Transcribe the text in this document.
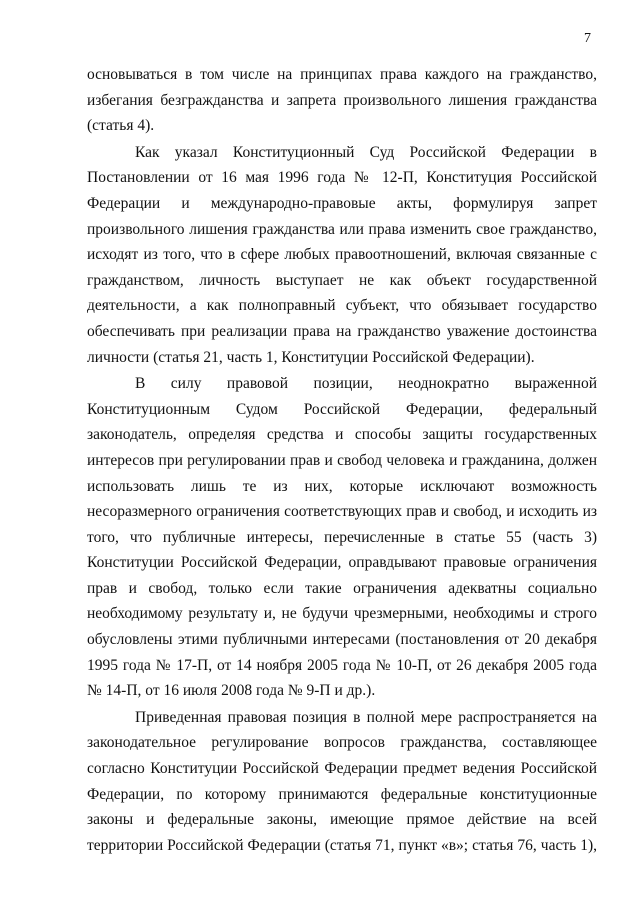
7

основываться в том числе на принципах права каждого на гражданство,
избегания безгражданства и запрета произвольного лишения гражданства
(статья 4).

Как указал Конституционный Суд Российской Федерации в
Постановлении от 16 мая 1996 года № 12-П, Конституция Российской
Федерации и международно-правовые акты, формулируя запрет
произвольного лишения гражданства или права изменить свое гражданство,
исходят из того, что в сфере любых правоотношений, включая связанные с
гражданством, личность выступает не как объект государственной
деятельности, а как полноправный субъект, что обязывает государство
обеспечивать при реализации права на гражданство уважение достоинства
личности (статья 21, часть 1, Конституции Российской Федерации).

В силу правовой позиции, неоднократно выраженной
Конституционным Судом Российской Федерации, федеральный
законодатель, определяя средства и способы защиты государственных
интересов при регулировании прав и свобод человека и гражданина, должен
использовать лишь те из них, которые исключают возможность
несоразмерного ограничения соответствующих прав и свобод, и исходить из
того, что публичные интересы, перечисленные в статье 55 (часть 3)
Конституции Российской Федерации, оправдывают правовые ограничения
прав и свобод, только если такие ограничения адекватны социально
необходимому результату и, не будучи чрезмерными, необходимы и строго
обусловлены этими публичными интересами (постановления от 20 декабря
1995 года № 17-П, от 14 ноября 2005 года № 10-П, от 26 декабря 2005 года
№ 14-П, от 16 июля 2008 года № 9-П и др.).

Приведенная правовая позиция в полной мере распространяется на
законодательное регулирование вопросов гражданства, составляющее
согласно Конституции Российской Федерации предмет ведения Российской
Федерации, по которому принимаются федеральные конституционные
законы и федеральные законы, имеющие прямое действие на всей
территории Российской Федерации (статья 71, пункт «в»; статья 76, часть 1),
